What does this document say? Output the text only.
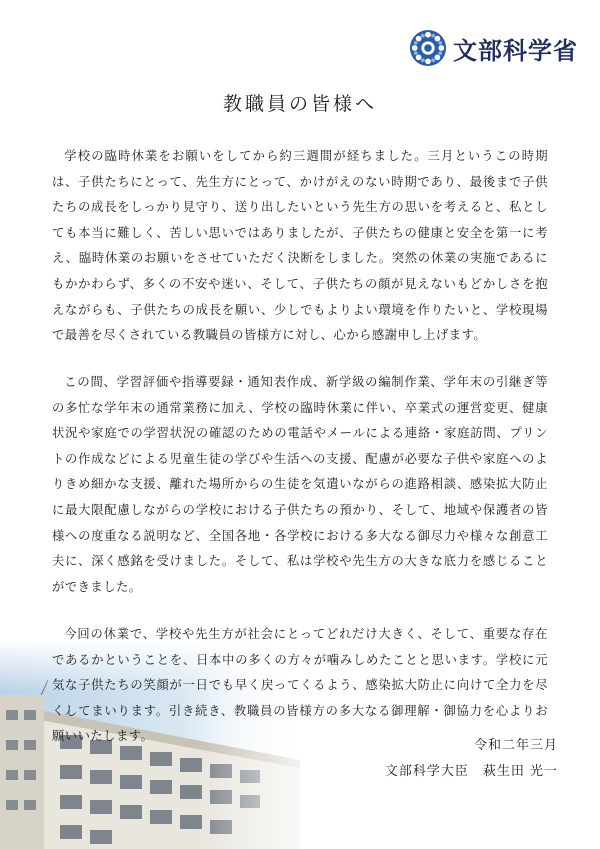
文部科学省
教職員の皆様へ

学校の臨時休業をお願いをしてから約三週間が経ちました。三月というこの時期は、子供たちにとって、先生方にとって、かけがえのない時期であり、最後まで子供たちの成長をしっかり見守り、送り出したいという先生方の思いを考えると、私としても本当に難しく、苦しい思いではありましたが、子供たちの健康と安全を第一に考え、臨時休業のお願いをさせていただく決断をしました。突然の休業の実施であるにもかかわらず、多くの不安や迷い、そして、子供たちの顔が見えないもどかしさを抱えながらも、子供たちの成長を願い、少しでもよりよい環境を作りたいと、学校現場で最善を尽くされている教職員の皆様方に対し、心から感謝申し上げます。

この間、学習評価や指導要録・通知表作成、新学級の編制作業、学年末の引継ぎ等の多忙な学年末の通常業務に加え、学校の臨時休業に伴い、卒業式の運営変更、健康状況や家庭での学習状況の確認のための電話やメールによる連絡・家庭訪問、プリントの作成などによる児童生徒の学びや生活への支援、配慮が必要な子供や家庭へのよりきめ細かな支援、離れた場所からの生徒を気遣いながらの進路相談、感染拡大防止に最大限配慮しながらの学校における子供たちの預かり、そして、地域や保護者の皆様への度重なる説明など、全国各地・各学校における多大なる御尽力や様々な創意工夫に、深く感銘を受けました。そして、私は学校や先生方の大きな底力を感じることができました。

今回の休業で、学校や先生方が社会にとってどれだけ大きく、そして、重要な存在であるかということを、日本中の多くの方々が噛みしめたことと思います。学校に元気な子供たちの笑顔が一日でも早く戻ってくるよう、感染拡大防止に向けて全力を尽くしてまいります。引き続き、教職員の皆様方の多大なる御理解・御協力を心よりお願いいたします。

令和二年三月
文部科学大臣　萩生田 光一
